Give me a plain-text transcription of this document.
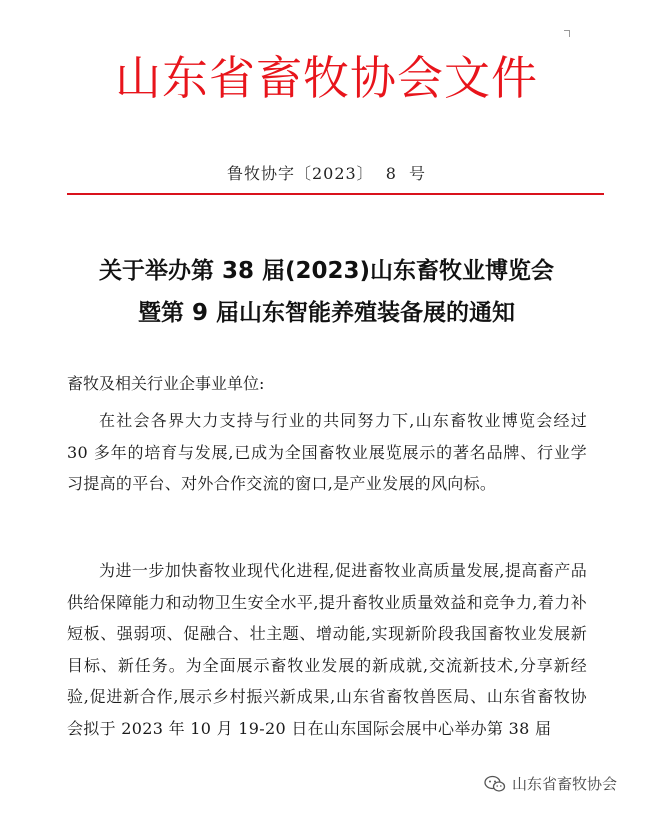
山东省畜牧协会文件
鲁牧协字〔2023〕 8 号
关于举办第 38 届(2023)山东畜牧业博览会
暨第 9 届山东智能养殖装备展的通知
畜牧及相关行业企事业单位:

在社会各界大力支持与行业的共同努力下,山东畜牧业博览会经过 30 多年的培育与发展,已成为全国畜牧业展览展示的著名品牌、行业学习提高的平台、对外合作交流的窗口,是产业发展的风向标。

为进一步加快畜牧业现代化进程,促进畜牧业高质量发展,提高畜产品供给保障能力和动物卫生安全水平,提升畜牧业质量效益和竞争力,着力补短板、强弱项、促融合、壮主题、增动能,实现新阶段我国畜牧业发展新目标、新任务。为全面展示畜牧业发展的新成就,交流新技术,分享新经验,促进新合作,展示乡村振兴新成果,山东省畜牧兽医局、山东省畜牧协会拟于 2023 年 10 月 19-20 日在山东国际会展中心举办第 38 届

山东省畜牧协会
